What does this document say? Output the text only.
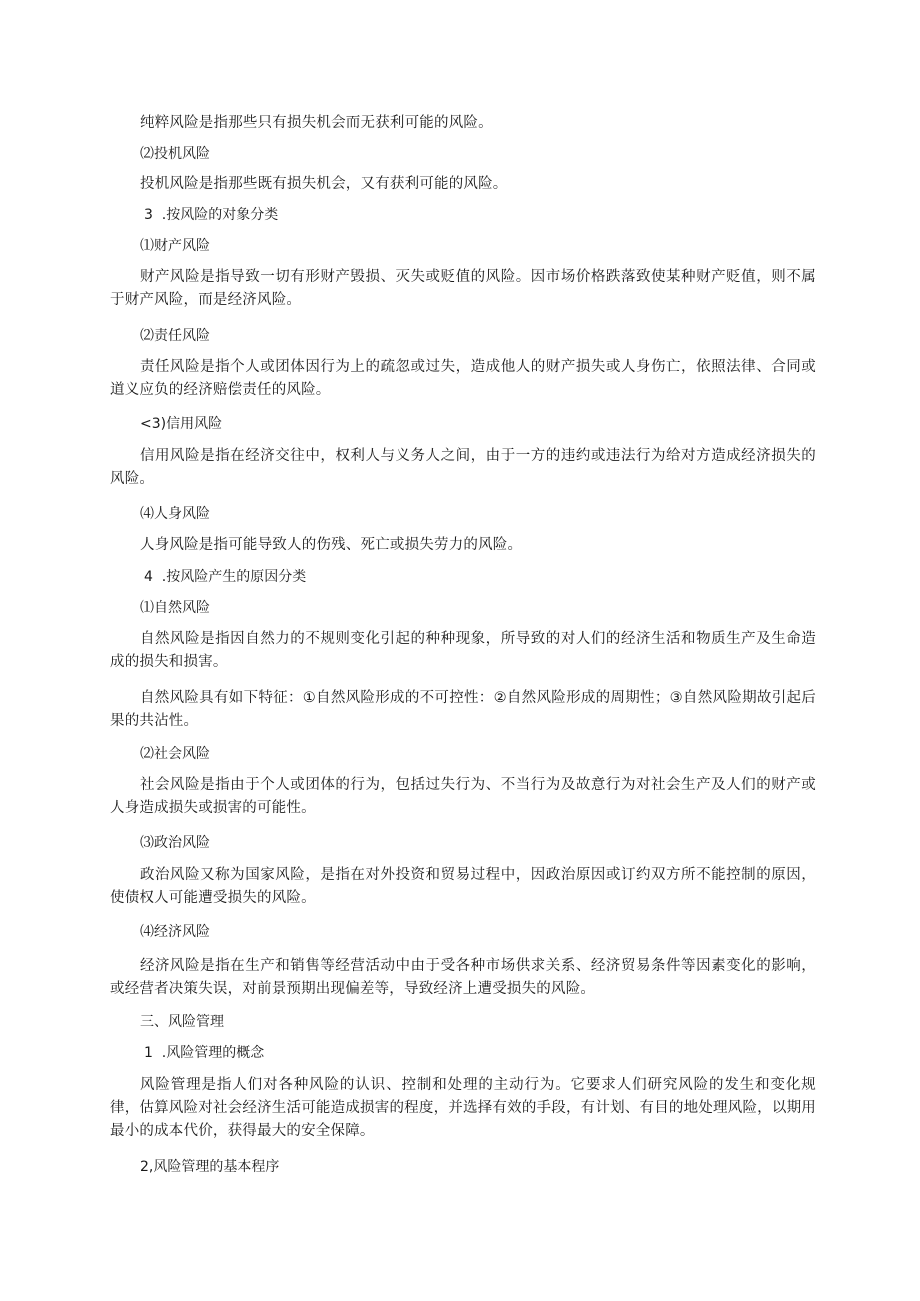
纯粹风险是指那些只有损失机会而无获利可能的风险。

⑵投机风险

投机风险是指那些既有损失机会，又有获利可能的风险。

3  .按风险的对象分类

⑴财产风险

财产风险是指导致一切有形财产毁损、灭失或贬值的风险。因市场价格跌落致使某种财产贬值，则不属于财产风险，而是经济风险。

⑵责任风险

责任风险是指个人或团体因行为上的疏忽或过失，造成他人的财产损失或人身伤亡，依照法律、合同或道义应负的经济赔偿责任的风险。

<3)信用风险

信用风险是指在经济交往中，权利人与义务人之间，由于一方的违约或违法行为给对方造成经济损失的风险。

⑷人身风险

人身风险是指可能导致人的伤残、死亡或损失劳力的风险。

4  .按风险产生的原因分类

⑴自然风险

自然风险是指因自然力的不规则变化引起的种种现象，所导致的对人们的经济生活和物质生产及生命造成的损失和损害。

自然风险具有如下特征：①自然风险形成的不可控性：②自然风险形成的周期性；③自然风险期故引起后果的共沾性。

⑵社会风险

社会风险是指由于个人或团体的行为，包括过失行为、不当行为及故意行为对社会生产及人们的财产或人身造成损失或损害的可能性。

⑶政治风险

政治风险又称为国家风险，是指在对外投资和贸易过程中，因政治原因或订约双方所不能控制的原因，使债权人可能遭受损失的风险。

⑷经济风险

经济风险是指在生产和销售等经营活动中由于受各种市场供求关系、经济贸易条件等因素变化的影响，或经营者决策失误，对前景预期出现偏差等，导致经济上遭受损失的风险。

三、风险管理

1  .风险管理的概念

风险管理是指人们对各种风险的认识、控制和处理的主动行为。它要求人们研究风险的发生和变化规律，估算风险对社会经济生活可能造成损害的程度，并选择有效的手段，有计划、有目的地处理风险，以期用最小的成本代价，获得最大的安全保障。

2,风险管理的基本程序
